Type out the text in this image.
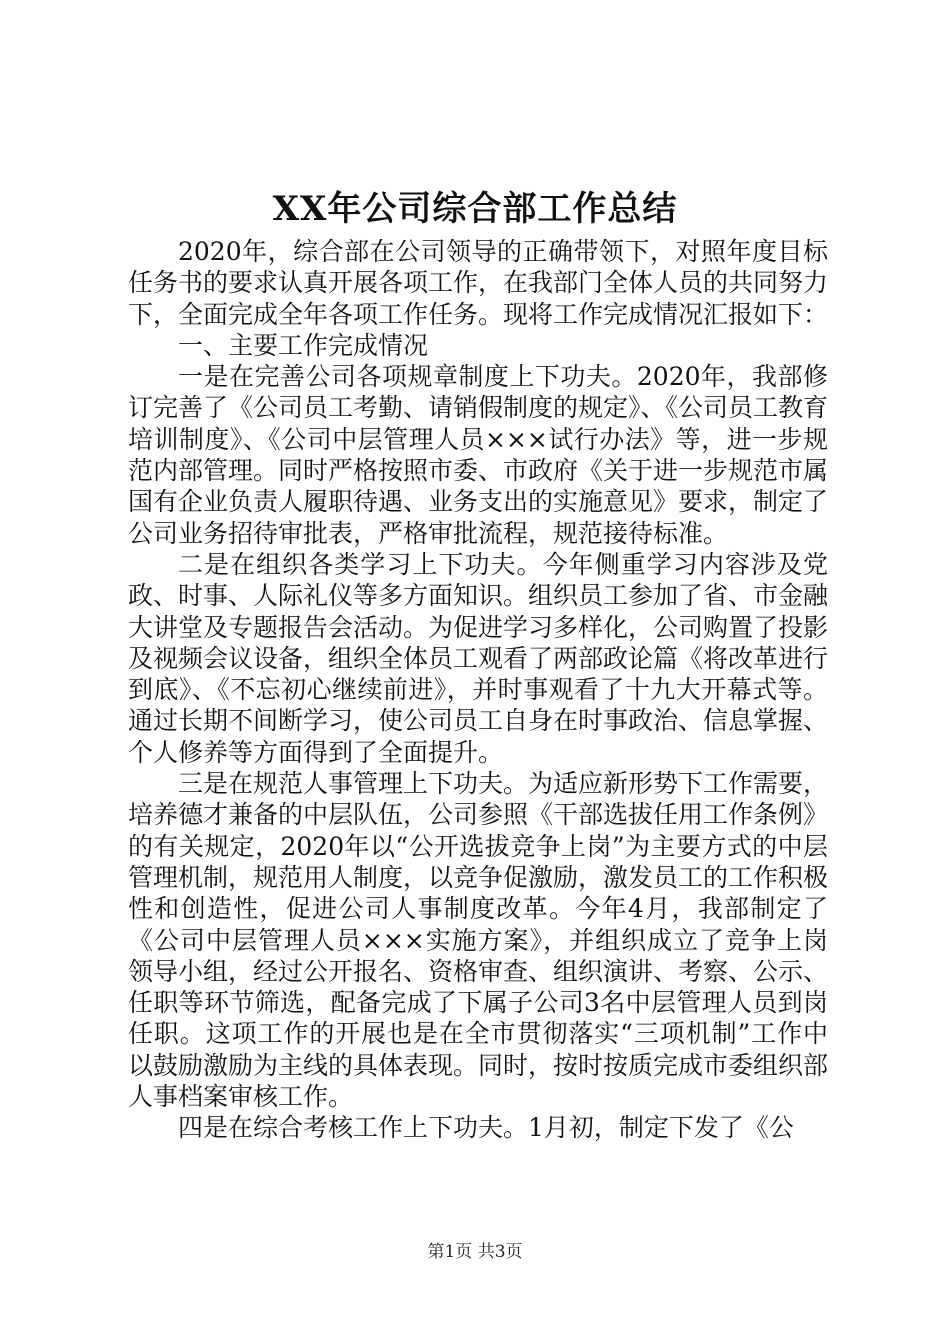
XX年公司综合部工作总结

2020年，综合部在公司领导的正确带领下，对照年度目标任务书的要求认真开展各项工作，在我部门全体人员的共同努力下，全面完成全年各项工作任务。现将工作完成情况汇报如下：

一、主要工作完成情况

一是在完善公司各项规章制度上下功夫。2020年，我部修订完善了《公司员工考勤、请销假制度的规定》、《公司员工教育培训制度》、《公司中层管理人员×××试行办法》等，进一步规范内部管理。同时严格按照市委、市政府《关于进一步规范市属国有企业负责人履职待遇、业务支出的实施意见》要求，制定了公司业务招待审批表，严格审批流程，规范接待标准。

二是在组织各类学习上下功夫。今年侧重学习内容涉及党政、时事、人际礼仪等多方面知识。组织员工参加了省、市金融大讲堂及专题报告会活动。为促进学习多样化，公司购置了投影及视频会议设备，组织全体员工观看了两部政论篇《将改革进行到底》、《不忘初心继续前进》，并时事观看了十九大开幕式等。通过长期不间断学习，使公司员工自身在时事政治、信息掌握、个人修养等方面得到了全面提升。

三是在规范人事管理上下功夫。为适应新形势下工作需要，培养德才兼备的中层队伍，公司参照《干部选拔任用工作条例》的有关规定，2020年以“公开选拔竞争上岗”为主要方式的中层管理机制，规范用人制度，以竞争促激励，激发员工的工作积极性和创造性，促进公司人事制度改革。今年4月，我部制定了《公司中层管理人员×××实施方案》，并组织成立了竞争上岗领导小组，经过公开报名、资格审查、组织演讲、考察、公示、任职等环节筛选，配备完成了下属子公司3名中层管理人员到岗任职。这项工作的开展也是在全市贯彻落实“三项机制”工作中以鼓励激励为主线的具体表现。同时，按时按质完成市委组织部人事档案审核工作。

四是在综合考核工作上下功夫。1月初，制定下发了《公

第1页 共3页
